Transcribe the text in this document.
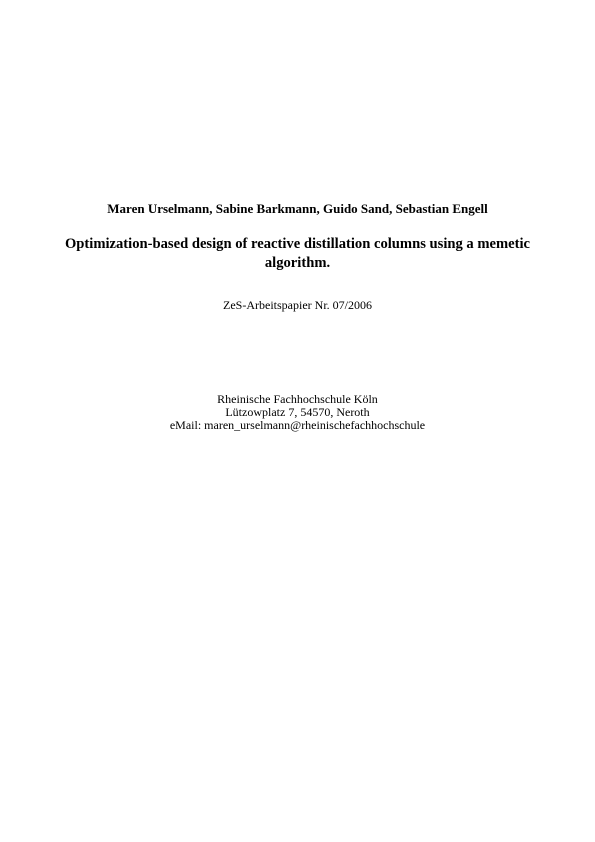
Maren Urselmann, Sabine Barkmann, Guido Sand, Sebastian Engell
Optimization-based design of reactive distillation columns using a memetic
algorithm.
ZeS-Arbeitspapier Nr. 07/2006
Rheinische Fachhochschule Köln
Lützowplatz 7, 54570, Neroth
eMail: maren_urselmann@rheinischefachhochschule
